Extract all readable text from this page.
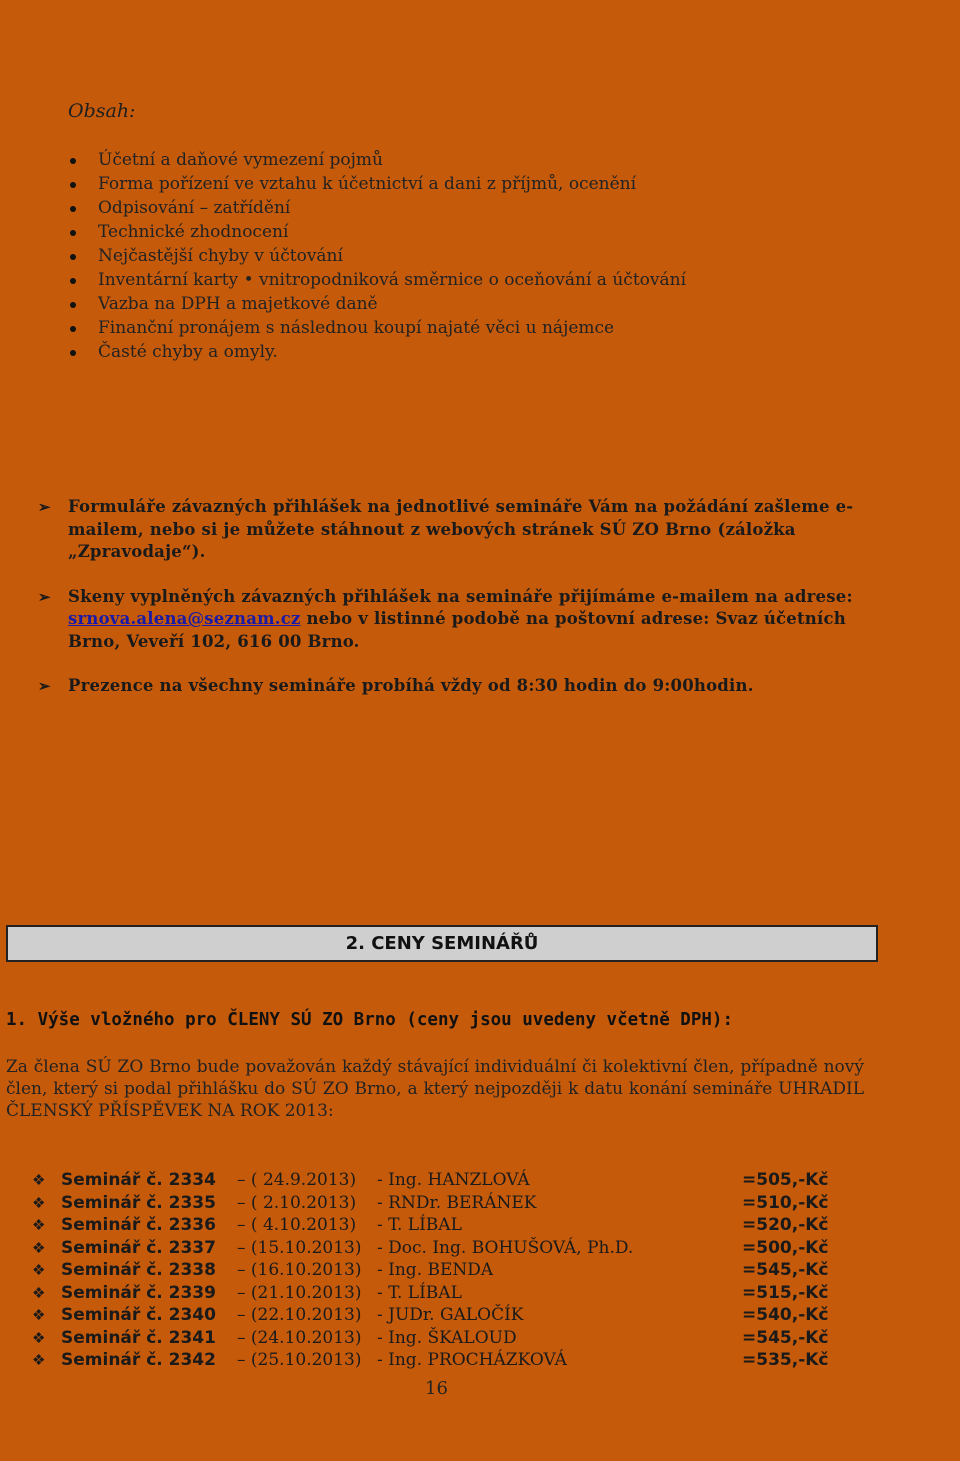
Obsah:
Účetní a daňové vymezení pojmů
Forma pořízení ve vztahu k účetnictví a dani z příjmů, ocenění
Odpisování – zatřídění
Technické zhodnocení
Nejčastější chyby v účtování
Inventární karty • vnitropodniková směrnice o oceňování a účtování
Vazba na DPH a majetkové daně
Finanční pronájem s následnou koupí najaté věci u nájemce
Časté chyby a omyly.
➢ Formuláře závazných přihlášek na jednotlivé semináře Vám na požádání zašleme e-mailem, nebo si je můžete stáhnout z webových stránek SÚ ZO Brno (záložka „Zpravodaje“).
➢ Skeny vyplněných závazných přihlášek na semináře přijímáme e-mailem na adrese: srnova.alena@seznam.cz nebo v listinné podobě na poštovní adrese: Svaz účetních Brno, Veveří 102, 616 00 Brno.
➢ Prezence na všechny semináře probíhá vždy od 8:30 hodin do 9:00hodin.
2. CENY SEMINÁŘŮ
1. Výše vložného pro ČLENY SÚ ZO Brno (ceny jsou uvedeny včetně DPH):
Za člena SÚ ZO Brno bude považován každý stávající individuální či kolektivní člen, případně nový člen, který si podal přihlášku do SÚ ZO Brno, a který nejpozději k datu konání semináře UHRADIL ČLENSKÝ PŘÍSPĚVEK NA ROK 2013:
❖ Seminář č. 2334 – ( 24.9.2013) - Ing. HANZLOVÁ	=505,-Kč
❖ Seminář č. 2335 – ( 2.10.2013) - RNDr. BERÁNEK	=510,-Kč
❖ Seminář č. 2336 – ( 4.10.2013) - T. LÍBAL	=520,-Kč
❖ Seminář č. 2337 – (15.10.2013) - Doc. Ing. BOHUŠOVÁ, Ph.D.	=500,-Kč
❖ Seminář č. 2338 – (16.10.2013) - Ing. BENDA	=545,-Kč
❖ Seminář č. 2339 – (21.10.2013) - T. LÍBAL	=515,-Kč
❖ Seminář č. 2340 – (22.10.2013) - JUDr. GALOČÍK	=540,-Kč
❖ Seminář č. 2341 – (24.10.2013) - Ing. ŠKALOUD	=545,-Kč
❖ Seminář č. 2342 – (25.10.2013) - Ing. PROCHÁZKOVÁ	=535,-Kč
16
